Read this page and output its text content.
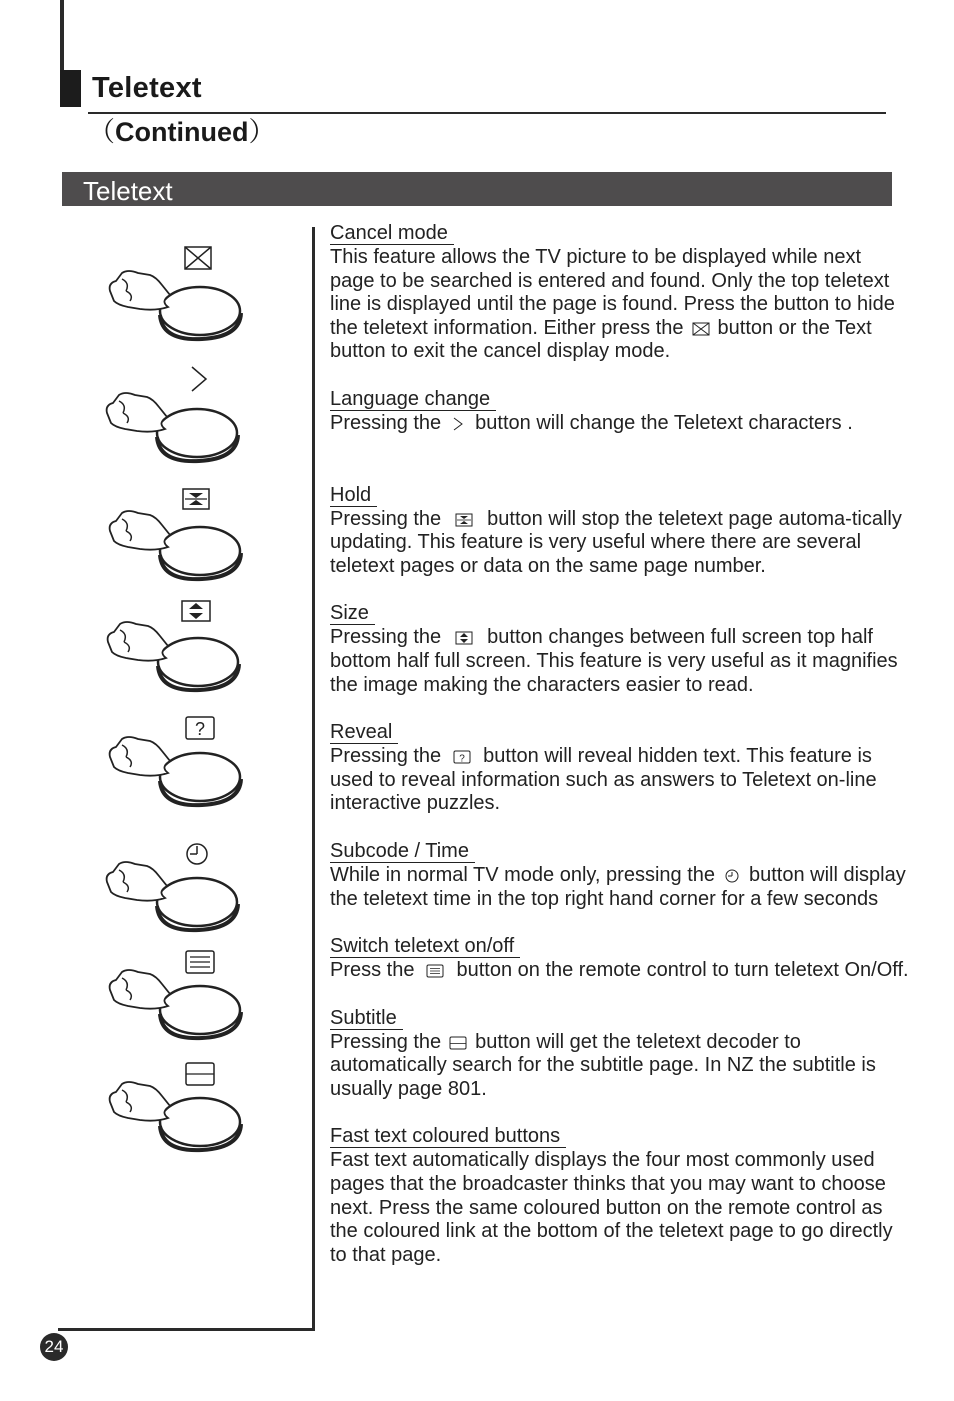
Teletext
（Continued）
Teletext
?
24
Cancel mode

This feature allows the TV picture to be displayed while next page to be searched is entered and found. Only the top teletext line is displayed until the page is found. Press the button to hide the teletext information. Either press the button or the Text button to exit the cancel display mode.

Language change

Pressing the button will change the Teletext characters .

Hold

Pressing the button will stop the teletext page automa-tically updating. This feature is very useful where there are several teletext pages or data on the same page number.

Size

Pressing the button changes between full screen top half bottom half full screen. This feature is very useful as it magnifies the image making the characters easier to read.

Reveal

Pressing the ? button will reveal hidden text. This feature is used to reveal information such as answers to Teletext on-line interactive puzzles.

Subcode / Time

While in normal TV mode only, pressing the button will display the teletext time in the top right hand corner for a few seconds

Switch teletext on/off

Press the button on the remote control to turn teletext On/Off.

Subtitle

Pressing the button will get the teletext decoder to automatically search for the subtitle page. In NZ the subtitle is usually page 801.

Fast text coloured buttons

Fast text automatically displays the four most commonly used pages that the broadcaster thinks that you may want to choose next. Press the same coloured button on the remote control as the coloured link at the bottom of the teletext page to go directly to that page.
